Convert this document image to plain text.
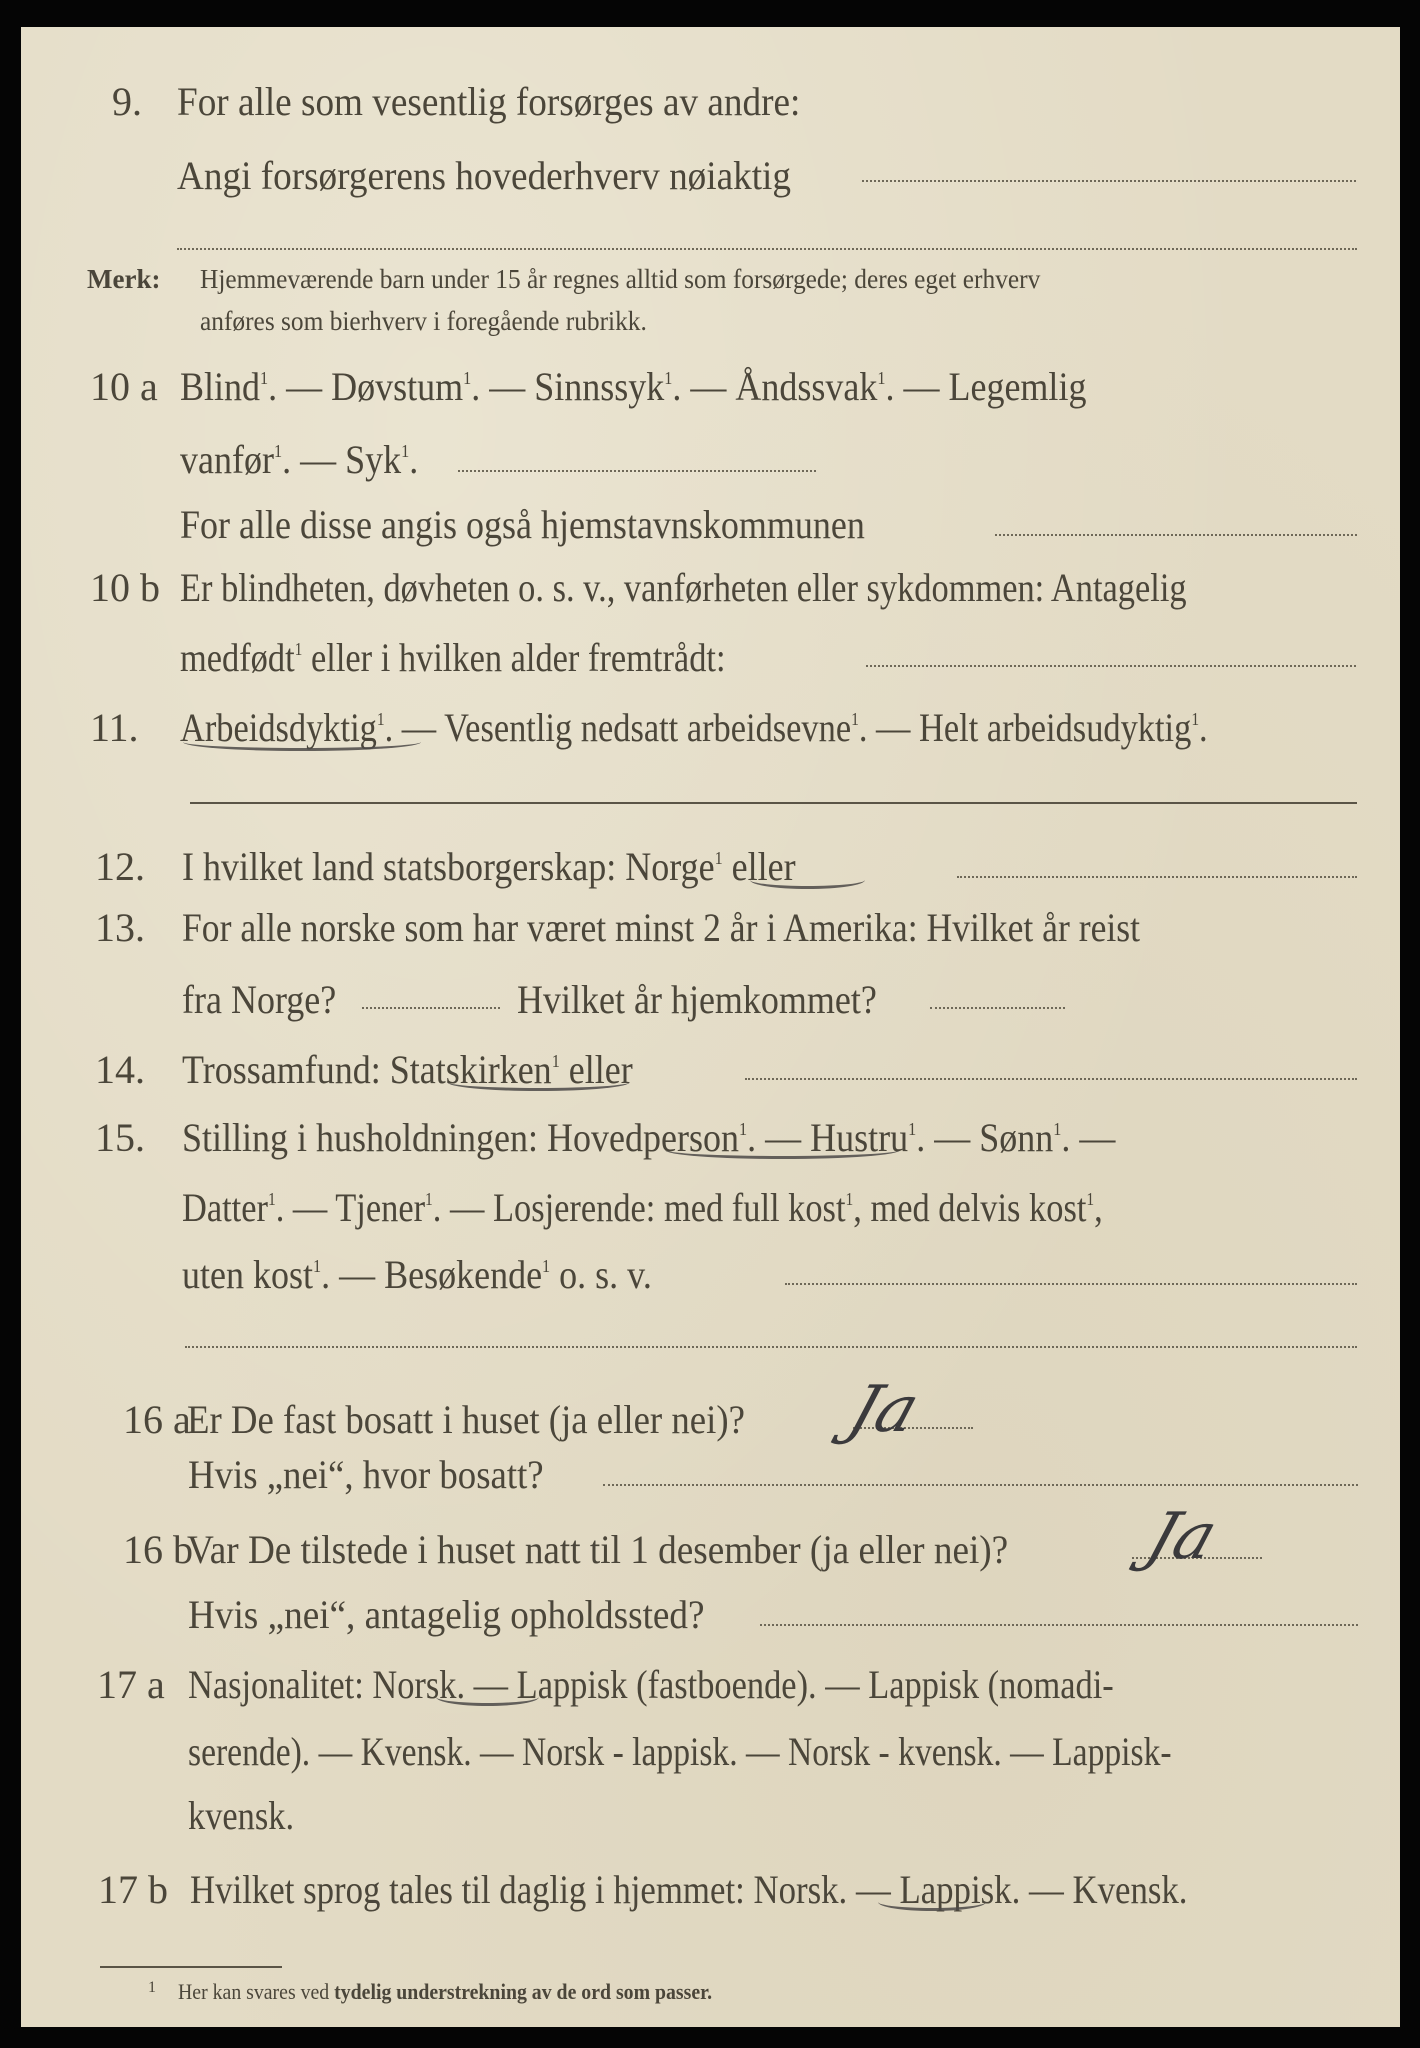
9. For alle som vesentlig forsørges av andre:
Angi forsørgerens hovederhverv nøiaktig
Merk: Hjemmeværende barn under 15 år regnes alltid som forsørgede; deres eget erhverv
anføres som bierhverv i foregående rubrikk.
10 a Blind$^1$. — Døvstum$^1$. — Sinnssyk$^1$. — Åndssvak$^1$. — Legemlig
vanfør$^1$. — Syk$^1$.
For alle disse angis også hjemstavnskommunen
10 b Er blindheten, døvheten o. s. v., vanførheten eller sykdommen: Antagelig
medfødt$^1$ eller i hvilken alder fremtrådt:
11. Arbeidsdyktig$^1$. — Vesentlig nedsatt arbeidsevne$^1$. — Helt arbeidsudyktig$^1$.
12. I hvilket land statsborgerskap: Norge$^1$ eller
13. For alle norske som har været minst 2 år i Amerika: Hvilket år reist
fra Norge?	Hvilket år hjemkommet?
14. Trossamfund: Statskirken$^1$ eller
15. Stilling i husholdningen: Hovedperson$^1$. — Hustru$^1$. — Sønn$^1$. —
Datter$^1$. — Tjener$^1$. — Losjerende: med full kost$^1$, med delvis kost$^1$,
uten kost$^1$. — Besøkende$^1$ o. s. v.
16 a
Er De fast bosatt i huset (ja eller nei)? Ja
Hvis „nei“, hvor bosatt?
16 b
Var De tilstede i huset natt til 1 desember (ja eller nei)? Ja
Hvis „nei“, antagelig opholdssted?
17 a Nasjonalitet: Norsk. — Lappisk (fastboende). — Lappisk (nomadi-
serende). — Kvensk. — Norsk - lappisk. — Norsk - kvensk. — Lappisk-
kvensk.
17 b Hvilket sprog tales til daglig i hjemmet: Norsk. — Lappisk. — Kvensk.
1 Her kan svares ved tydelig understrekning av de ord som passer.
